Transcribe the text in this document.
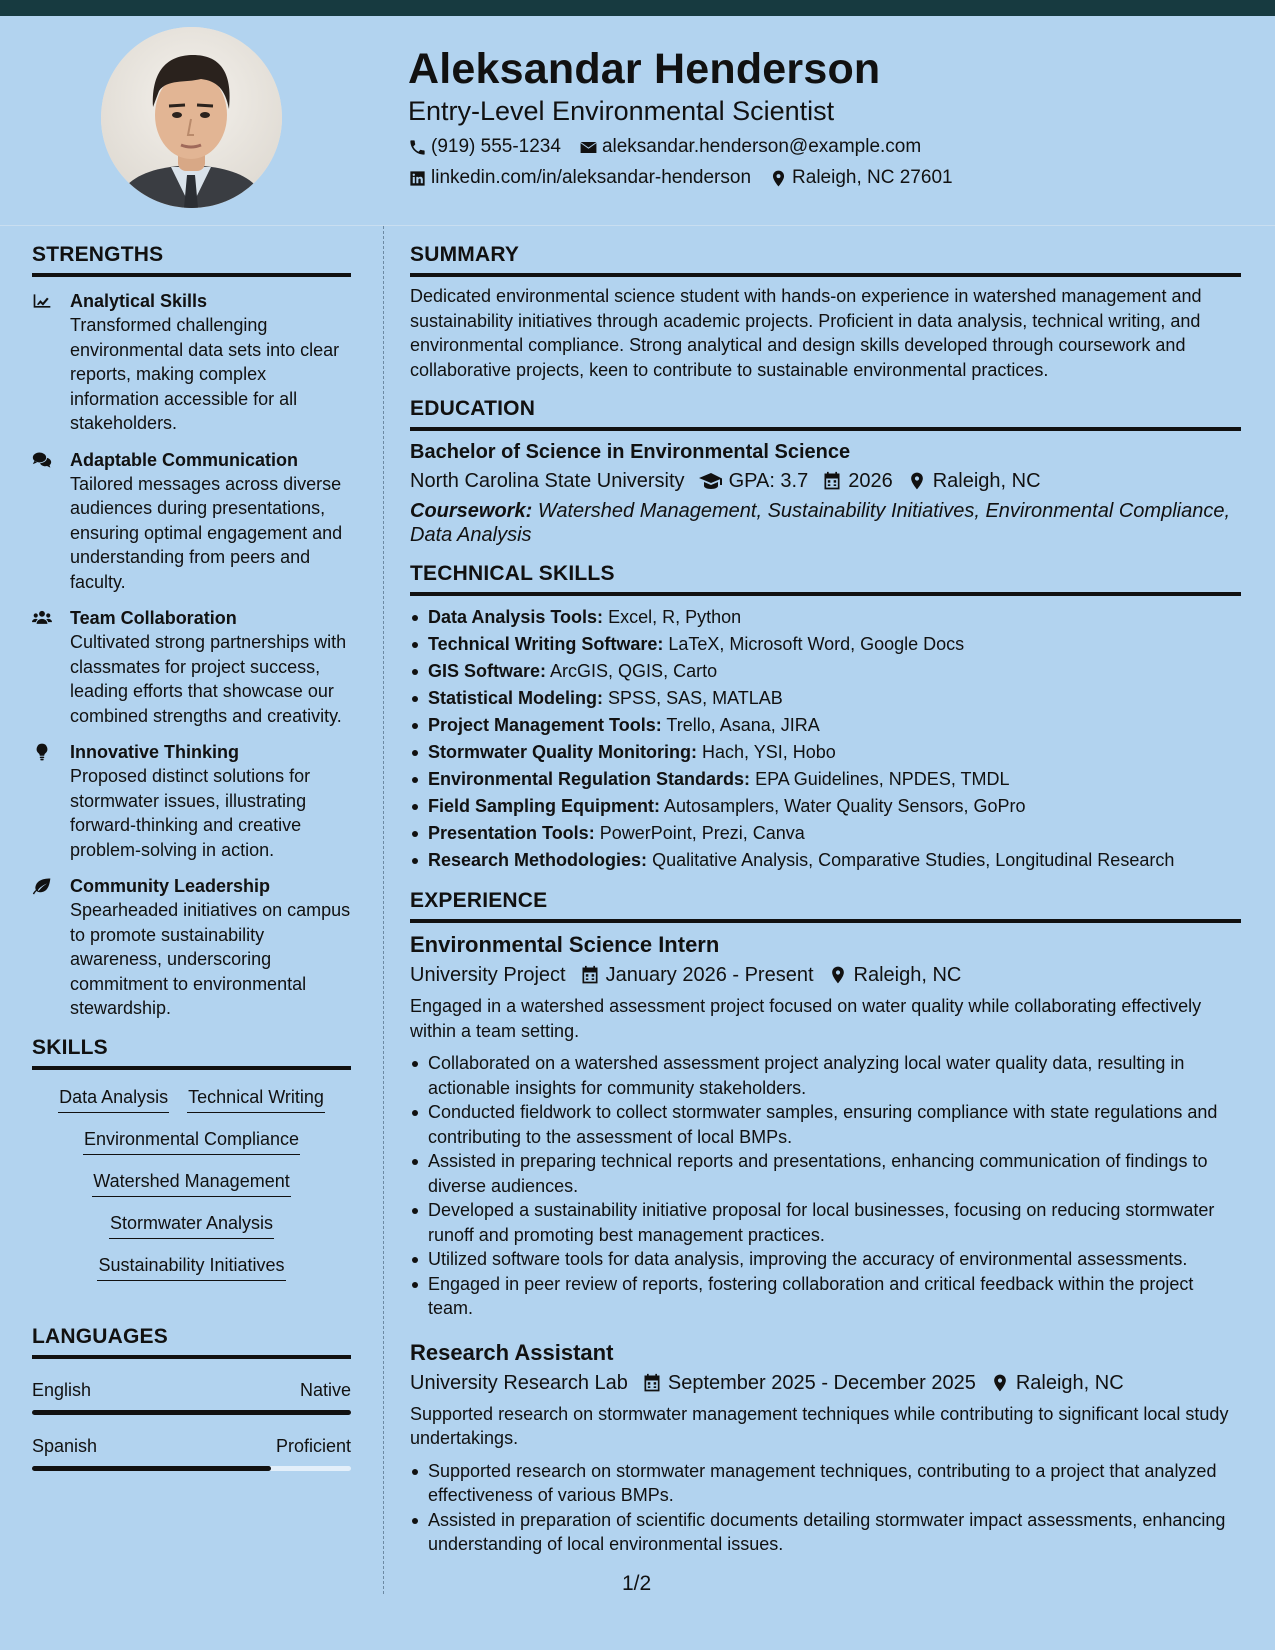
Aleksandar Henderson
Entry-Level Environmental Scientist
(919) 555-1234 aleksandar.henderson@example.com
linkedin.com/in/aleksandar-henderson Raleigh, NC 27601
STRENGTHS
Analytical Skills
Transformed challenging environmental data sets into clear reports, making complex information accessible for all stakeholders.
Adaptable Communication
Tailored messages across diverse audiences during presentations, ensuring optimal engagement and understanding from peers and faculty.
Team Collaboration
Cultivated strong partnerships with classmates for project success, leading efforts that showcase our combined strengths and creativity.
Innovative Thinking
Proposed distinct solutions for stormwater issues, illustrating forward-thinking and creative problem-solving in action.
Community Leadership
Spearheaded initiatives on campus to promote sustainability awareness, underscoring commitment to environmental stewardship.
SKILLS
Data Analysis Technical Writing
Environmental Compliance
Watershed Management
Stormwater Analysis
Sustainability Initiatives
LANGUAGES
English	Native
Spanish	Proficient
SUMMARY
Dedicated environmental science student with hands-on experience in watershed management and sustainability initiatives through academic projects. Proficient in data analysis, technical writing, and environmental compliance. Strong analytical and design skills developed through coursework and collaborative projects, keen to contribute to sustainable environmental practices.
EDUCATION
Bachelor of Science in Environmental Science
North Carolina State University GPA: 3.7 2026 Raleigh, NC
Coursework: Watershed Management, Sustainability Initiatives, Environmental Compliance, Data Analysis
TECHNICAL SKILLS
Data Analysis Tools: Excel, R, Python
Technical Writing Software: LaTeX, Microsoft Word, Google Docs
GIS Software: ArcGIS, QGIS, Carto
Statistical Modeling: SPSS, SAS, MATLAB
Project Management Tools: Trello, Asana, JIRA
Stormwater Quality Monitoring: Hach, YSI, Hobo
Environmental Regulation Standards: EPA Guidelines, NPDES, TMDL
Field Sampling Equipment: Autosamplers, Water Quality Sensors, GoPro
Presentation Tools: PowerPoint, Prezi, Canva
Research Methodologies: Qualitative Analysis, Comparative Studies, Longitudinal Research
EXPERIENCE
Environmental Science Intern
University Project January 2026 - Present Raleigh, NC
Engaged in a watershed assessment project focused on water quality while collaborating effectively within a team setting.
Collaborated on a watershed assessment project analyzing local water quality data, resulting in actionable insights for community stakeholders.
Conducted fieldwork to collect stormwater samples, ensuring compliance with state regulations and contributing to the assessment of local BMPs.
Assisted in preparing technical reports and presentations, enhancing communication of findings to diverse audiences.
Developed a sustainability initiative proposal for local businesses, focusing on reducing stormwater runoff and promoting best management practices.
Utilized software tools for data analysis, improving the accuracy of environmental assessments.
Engaged in peer review of reports, fostering collaboration and critical feedback within the project team.
Research Assistant
University Research Lab September 2025 - December 2025 Raleigh, NC
Supported research on stormwater management techniques while contributing to significant local study undertakings.
Supported research on stormwater management techniques, contributing to a project that analyzed effectiveness of various BMPs.
Assisted in preparation of scientific documents detailing stormwater impact assessments, enhancing understanding of local environmental issues.
1/2
